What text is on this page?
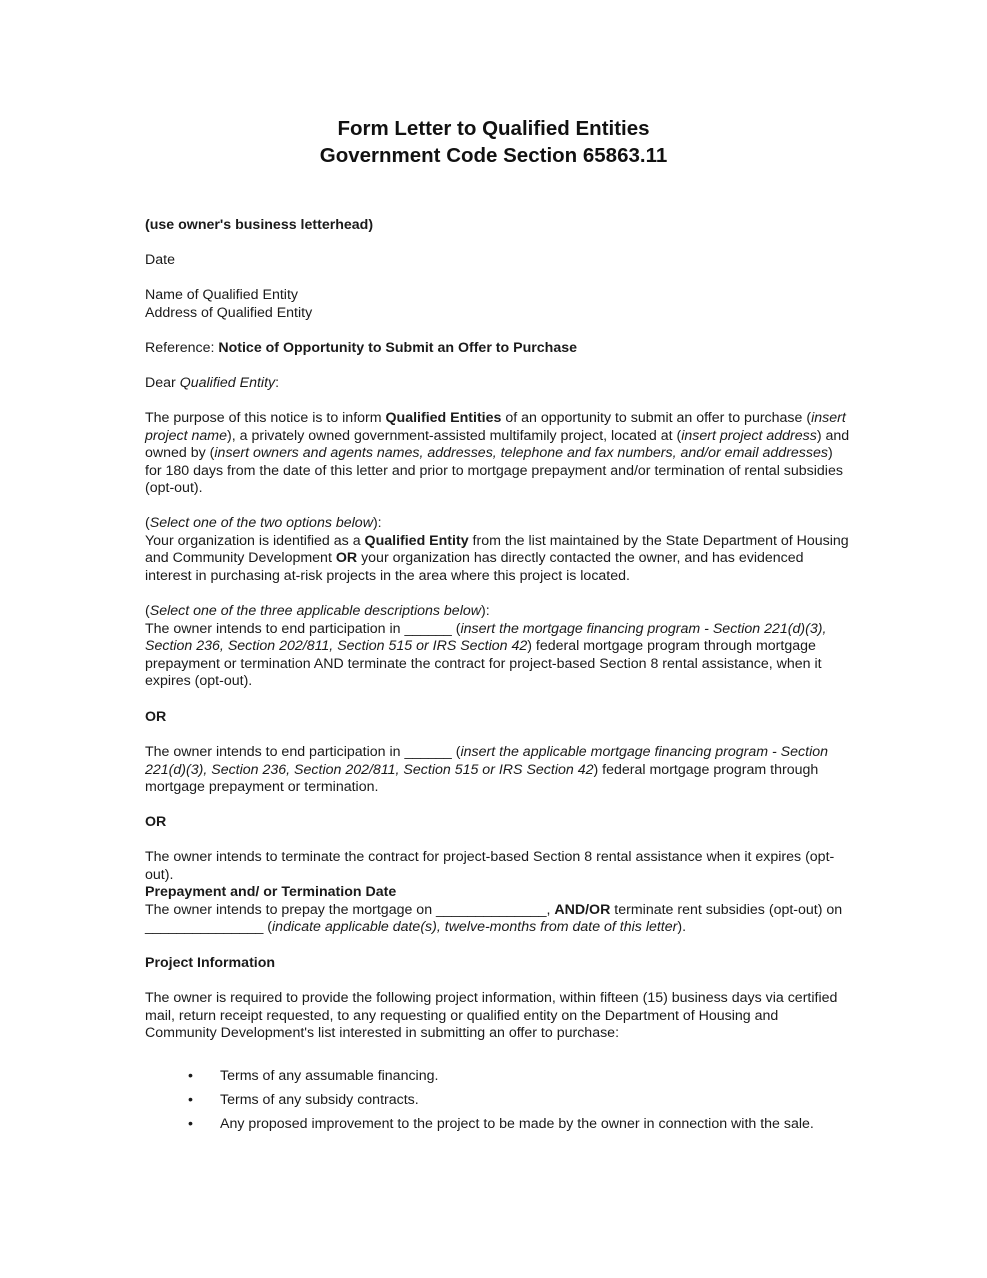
Form Letter to Qualified Entities
Government Code Section 65863.11
(use owner's business letterhead)
Date
Name of Qualified Entity
Address of Qualified Entity
Reference: Notice of Opportunity to Submit an Offer to Purchase
Dear Qualified Entity:
The purpose of this notice is to inform Qualified Entities of an opportunity to submit an offer to purchase (insert project name), a privately owned government-assisted multifamily project, located at (insert project address) and owned by (insert owners and agents names, addresses, telephone and fax numbers, and/or email addresses) for 180 days from the date of this letter and prior to mortgage prepayment and/or termination of rental subsidies (opt-out).
(Select one of the two options below):
Your organization is identified as a Qualified Entity from the list maintained by the State Department of Housing and Community Development OR your organization has directly contacted the owner, and has evidenced interest in purchasing at-risk projects in the area where this project is located.
(Select one of the three applicable descriptions below):
The owner intends to end participation in ______ (insert the mortgage financing program - Section 221(d)(3), Section 236, Section 202/811, Section 515 or IRS Section 42) federal mortgage program through mortgage prepayment or termination AND terminate the contract for project-based Section 8 rental assistance, when it expires (opt-out).
OR
The owner intends to end participation in ______ (insert the applicable mortgage financing program - Section 221(d)(3), Section 236, Section 202/811, Section 515 or IRS Section 42) federal mortgage program through mortgage prepayment or termination.
OR
The owner intends to terminate the contract for project-based Section 8 rental assistance when it expires (opt-out).
Prepayment and/ or Termination Date
The owner intends to prepay the mortgage on ______________, AND/OR terminate rent subsidies (opt-out) on _______________ (indicate applicable date(s), twelve-months from date of this letter).
Project Information
The owner is required to provide the following project information, within fifteen (15) business days via certified mail, return receipt requested, to any requesting or qualified entity on the Department of Housing and Community Development's list interested in submitting an offer to purchase:
• Terms of any assumable financing.
• Terms of any subsidy contracts.
• Any proposed improvement to the project to be made by the owner in connection with the sale.
